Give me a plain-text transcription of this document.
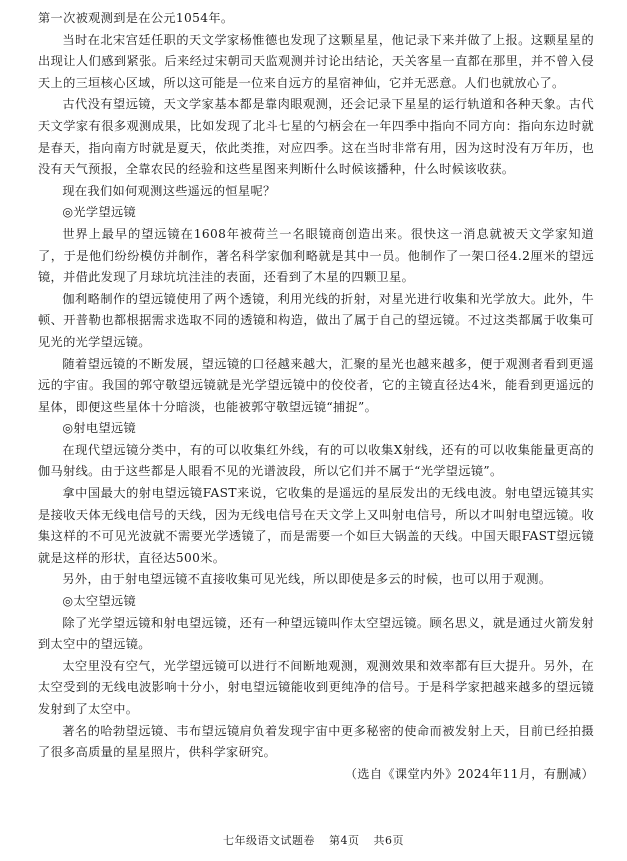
第一次被观测到是在公元1054年。

当时在北宋宫廷任职的天文学家杨惟德也发现了这颗星星，他记录下来并做了上报。这颗星星的出现让人们感到紧张。后来经过宋朝司天监观测并讨论出结论，天关客星一直都在那里，并不曾入侵天上的三垣核心区域，所以这可能是一位来自远方的星宿神仙，它并无恶意。人们也就放心了。

古代没有望远镜，天文学家基本都是靠肉眼观测，还会记录下星星的运行轨道和各种天象。古代天文学家有很多观测成果，比如发现了北斗七星的勺柄会在一年四季中指向不同方向：指向东边时就是春天，指向南方时就是夏天，依此类推，对应四季。这在当时非常有用，因为这时没有万年历，也没有天气预报，全靠农民的经验和这些星图来判断什么时候该播种，什么时候该收获。

现在我们如何观测这些遥远的恒星呢？

◎光学望远镜

世界上最早的望远镜在1608年被荷兰一名眼镜商创造出来。很快这一消息就被天文学家知道了，于是他们纷纷模仿并制作，著名科学家伽利略就是其中一员。他制作了一架口径4.2厘米的望远镜，并借此发现了月球坑坑洼洼的表面，还看到了木星的四颗卫星。

伽利略制作的望远镜使用了两个透镜，利用光线的折射，对星光进行收集和光学放大。此外，牛顿、开普勒也都根据需求选取不同的透镜和构造，做出了属于自己的望远镜。不过这类都属于收集可见光的光学望远镜。

随着望远镜的不断发展，望远镜的口径越来越大，汇聚的星光也越来越多，便于观测者看到更遥远的宇宙。我国的郭守敬望远镜就是光学望远镜中的佼佼者，它的主镜直径达4米，能看到更遥远的星体，即便这些星体十分暗淡，也能被郭守敬望远镜“捕捉”。

◎射电望远镜

在现代望远镜分类中，有的可以收集红外线，有的可以收集X射线，还有的可以收集能量更高的伽马射线。由于这些都是人眼看不见的光谱波段，所以它们并不属于“光学望远镜”。

拿中国最大的射电望远镜FAST来说，它收集的是遥远的星辰发出的无线电波。射电望远镜其实是接收天体无线电信号的天线，因为无线电信号在天文学上又叫射电信号，所以才叫射电望远镜。收集这样的不可见光波就不需要光学透镜了，而是需要一个如巨大锅盖的天线。中国天眼FAST望远镜就是这样的形状，直径达500米。

另外，由于射电望远镜不直接收集可见光线，所以即使是多云的时候，也可以用于观测。

◎太空望远镜

除了光学望远镜和射电望远镜，还有一种望远镜叫作太空望远镜。顾名思义，就是通过火箭发射到太空中的望远镜。

太空里没有空气，光学望远镜可以进行不间断地观测，观测效果和效率都有巨大提升。另外，在太空受到的无线电波影响十分小，射电望远镜能收到更纯净的信号。于是科学家把越来越多的望远镜发射到了太空中。

著名的哈勃望远镜、韦布望远镜肩负着发现宇宙中更多秘密的使命而被发射上天，目前已经拍摄了很多高质量的星星照片，供科学家研究。

（选自《课堂内外》2024年11月，有删减）
七年级语文试题卷 第4页 共6页
